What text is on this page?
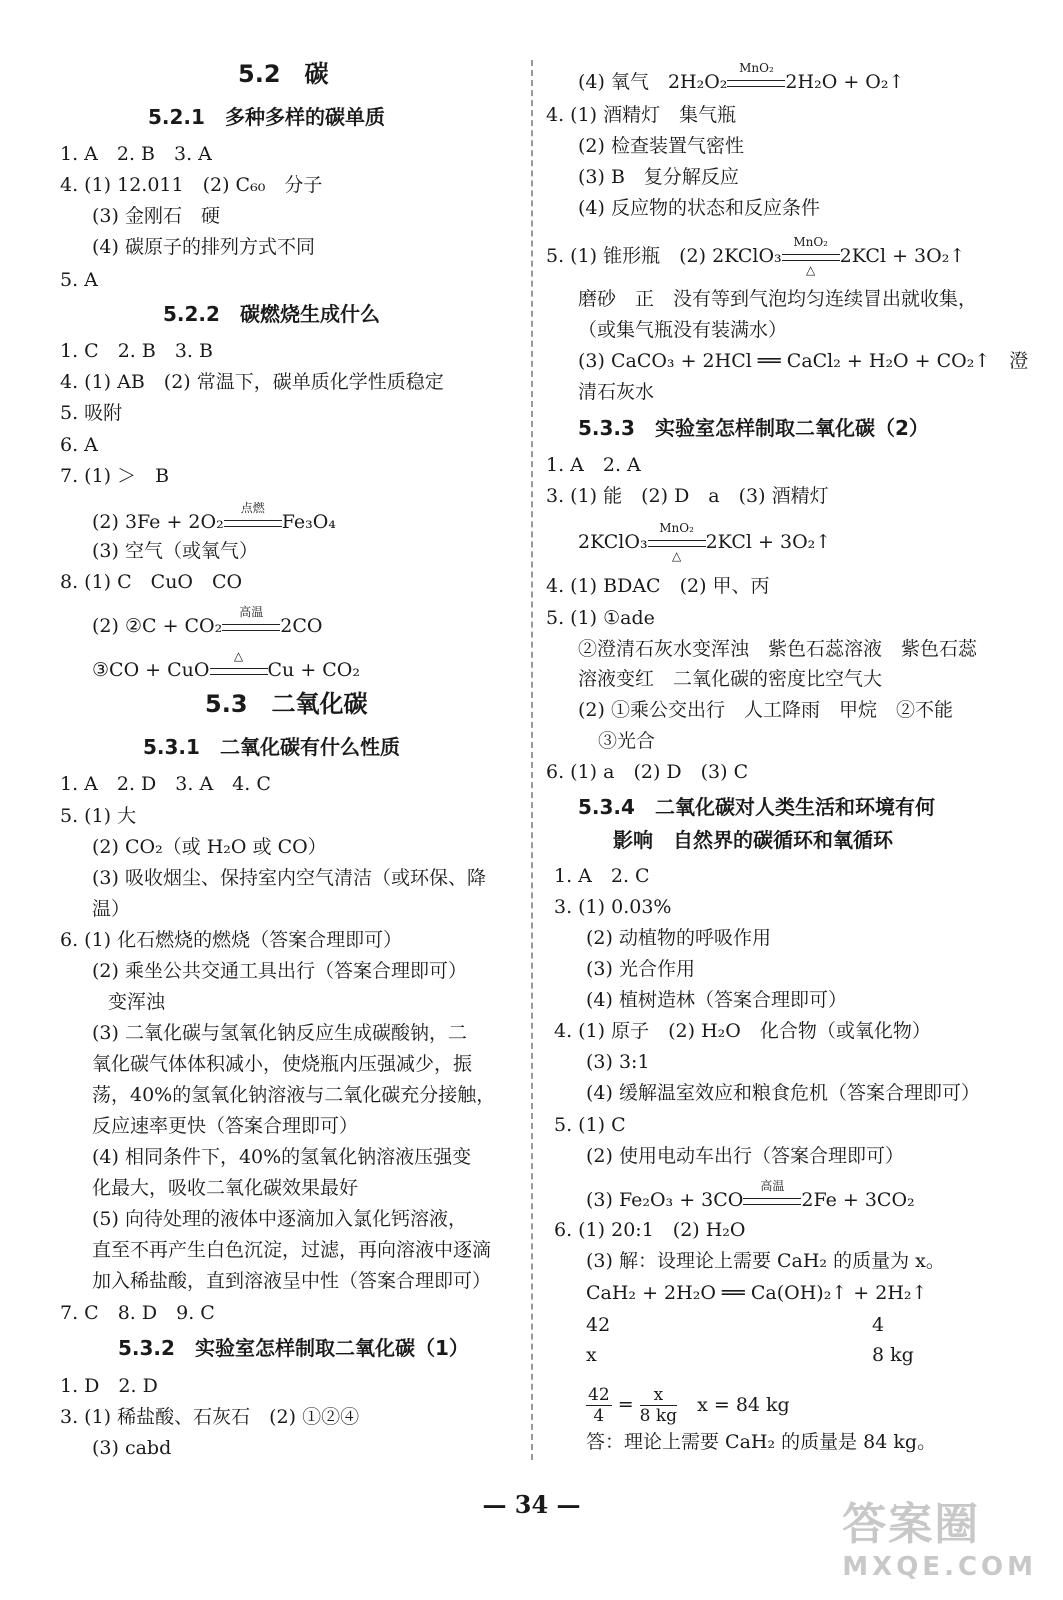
5.2　碳
5.2.1　多种多样的碳单质
1. A　2. B　3. A
4. (1) 12.011　(2) C₆₀　分子
(3) 金刚石　硬
(4) 碳原子的排列方式不同
5. A
5.2.2　碳燃烧生成什么
1. C　2. B　3. B
4. (1) AB　(2) 常温下，碳单质化学性质稳定
5. 吸附
6. A
7. (1) ＞　B
(2) 3Fe + 2O₂
点燃
Fe₃O₄
(3) 空气（或氧气）
8. (1) C　CuO　CO
(2) ②C + CO₂
高温
2CO
③CO + CuO
△
Cu + CO₂
5.3　二氧化碳
5.3.1　二氧化碳有什么性质
1. A　2. D　3. A　4. C
5. (1) 大
(2) CO₂（或 H₂O 或 CO）
(3) 吸收烟尘、保持室内空气清洁（或环保、降
温）
6. (1) 化石燃烧的燃烧（答案合理即可）
(2) 乘坐公共交通工具出行（答案合理即可）
变浑浊
(3) 二氧化碳与氢氧化钠反应生成碳酸钠，二
氧化碳气体体积减小，使烧瓶内压强减少，振
荡，40%的氢氧化钠溶液与二氧化碳充分接触，
反应速率更快（答案合理即可）
(4) 相同条件下，40%的氢氧化钠溶液压强变
化最大，吸收二氧化碳效果最好
(5) 向待处理的液体中逐滴加入氯化钙溶液，
直至不再产生白色沉淀，过滤，再向溶液中逐滴
加入稀盐酸，直到溶液呈中性（答案合理即可）
7. C　8. D　9. C
5.3.2　实验室怎样制取二氧化碳（1）
1. D　2. D
3. (1) 稀盐酸、石灰石　(2) ①②④
(3) cabd
(4) 氧气　2H₂O₂
MnO₂
2H₂O + O₂↑
4. (1) 酒精灯　集气瓶
(2) 检查装置气密性
(3) B　复分解反应
(4) 反应物的状态和反应条件
5. (1) 锥形瓶　(2) 2KClO₃
MnO₂
△
2KCl + 3O₂↑
磨砂　正　没有等到气泡均匀连续冒出就收集，
（或集气瓶没有装满水）
(3) CaCO₃ + 2HCl ══ CaCl₂ + H₂O + CO₂↑　澄
清石灰水
5.3.3　实验室怎样制取二氧化碳（2）
1. A　2. A
3. (1) 能　(2) D　a　(3) 酒精灯
2KClO₃
MnO₂
△
2KCl + 3O₂↑
4. (1) BDAC　(2) 甲、丙
5. (1) ①ade
②澄清石灰水变浑浊　紫色石蕊溶液　紫色石蕊
溶液变红　二氧化碳的密度比空气大
(2) ①乘公交出行　人工降雨　甲烷　②不能
③光合
6. (1) a　(2) D　(3) C
5.3.4　二氧化碳对人类生活和环境有何
影响　自然界的碳循环和氧循环
1. A　2. C
3. (1) 0.03%
(2) 动植物的呼吸作用
(3) 光合作用
(4) 植树造林（答案合理即可）
4. (1) 原子　(2) H₂O　化合物（或氧化物）
(3) 3:1
(4) 缓解温室效应和粮食危机（答案合理即可）
5. (1) C
(2) 使用电动车出行（答案合理即可）
(3) Fe₂O₃ + 3CO
高温
2Fe + 3CO₂
6. (1) 20:1　(2) H₂O
(3) 解：设理论上需要 CaH₂ 的质量为 x。
CaH₂ + 2H₂O ══ Ca(OH)₂↑ + 2H₂↑
42	4
x	8 kg
$\frac{42}{4} = \frac{x}{8 kg}$ x = 84 kg
答：理论上需要 CaH₂ 的质量是 84 kg。
— 34 —	答案圈
MXQE.COM
